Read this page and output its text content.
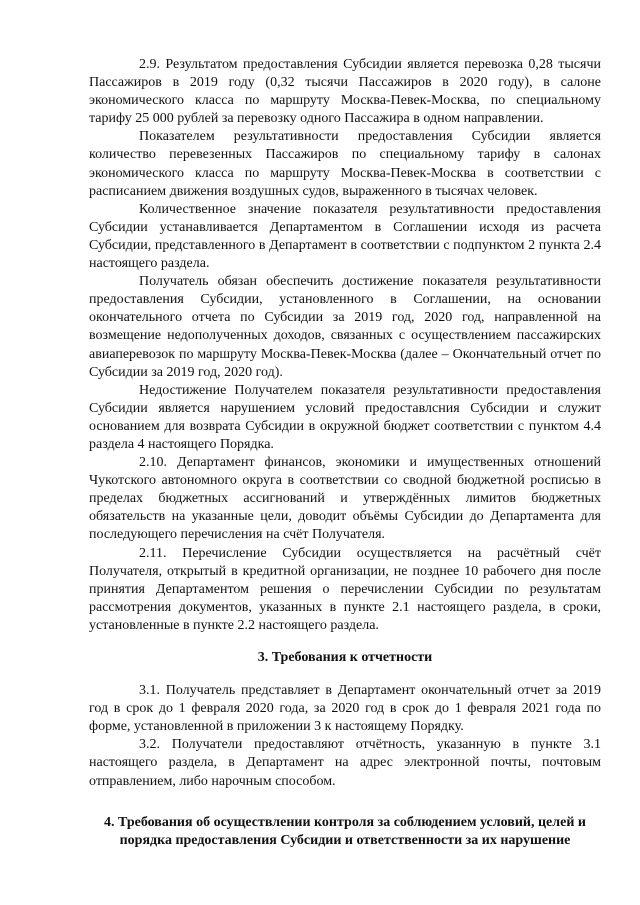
2.9. Результатом предоставления Субсидии является перевозка 0,28 тысячи Пассажиров в 2019 году (0,32 тысячи Пассажиров в 2020 году), в салоне экономического класса по маршруту Москва-Певек-Москва, по специальному тарифу 25 000 рублей за перевозку одного Пассажира в одном направлении.

Показателем результативности предоставления Субсидии является количество перевезенных Пассажиров по специальному тарифу в салонах экономического класса по маршруту Москва-Певек-Москва в соответствии с расписанием движения воздушных судов, выраженного в тысячах человек.

Количественное значение показателя результативности предоставления Субсидии устанавливается Департаментом в Соглашении исходя из расчета Субсидии, представленного в Департамент в соответствии с подпунктом 2 пункта 2.4 настоящего раздела.

Получатель обязан обеспечить достижение показателя результативности предоставления Субсидии, установленного в Соглашении, на основании окончательного отчета по Субсидии за 2019 год, 2020 год, направленной на возмещение недополученных доходов, связанных с осуществлением пассажирских авиаперевозок по маршруту Москва-Певек-Москва (далее – Окончательный отчет по Субсидии за 2019 год, 2020 год).

Недостижение Получателем показателя результативности предоставления Субсидии является нарушением условий предоставлсния Субсидии и служит основанием для возврата Субсидии в окружной бюджет соответствии с пунктом 4.4 раздела 4 настоящего Порядка.

2.10. Департамент финансов, экономики и имущественных отношений Чукотского автономного округа в соответствии со сводной бюджетной росписью в пределах бюджетных ассигнований и утверждённых лимитов бюджетных обязательств на указанные цели, доводит объёмы Субсидии до Департамента для последующего перечисления на счёт Получателя.

2.11. Перечисление Субсидии осуществляется на расчётный счёт Получателя, открытый в кредитной организации, не позднее 10 рабочего дня после принятия Департаментом решения о перечислении Субсидии по результатам рассмотрения документов, указанных в пункте 2.1 настоящего раздела, в сроки, установленные в пункте 2.2 настоящего раздела.

3. Требования к отчетности

3.1. Получатель представляет в Департамент окончательный отчет за 2019 год в срок до 1 февраля 2020 года, за 2020 год в срок до 1 февраля 2021 года по форме, установленной в приложении 3 к настоящему Порядку.

3.2. Получатели предоставляют отчётность, указанную в пункте 3.1 настоящего раздела, в Департамент на адрес электронной почты, почтовым отправлением, либо нарочным способом.

4. Требования об осуществлении контроля за соблюдением условий, целей и порядка предоставления Субсидии и ответственности за их нарушение
